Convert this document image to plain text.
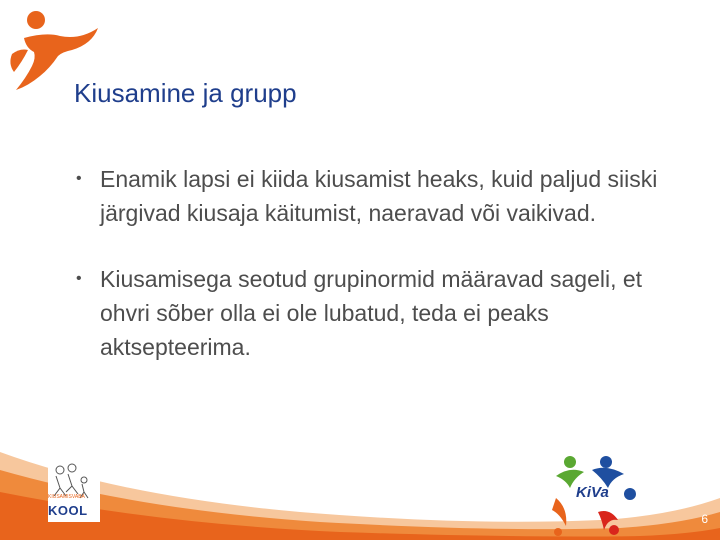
Kiusamine ja grupp
• Enamik lapsi ei kiida kiusamist heaks, kuid paljud siiski järgivad kiusaja käitumist, naeravad või vaikivad.
• Kiusamisega seotud grupinormid määravad sageli, et ohvri sõber olla ei ole lubatud, teda ei peaks aktsepteerima.
KIUSAMISVABA
KOOL
KiVa
6
